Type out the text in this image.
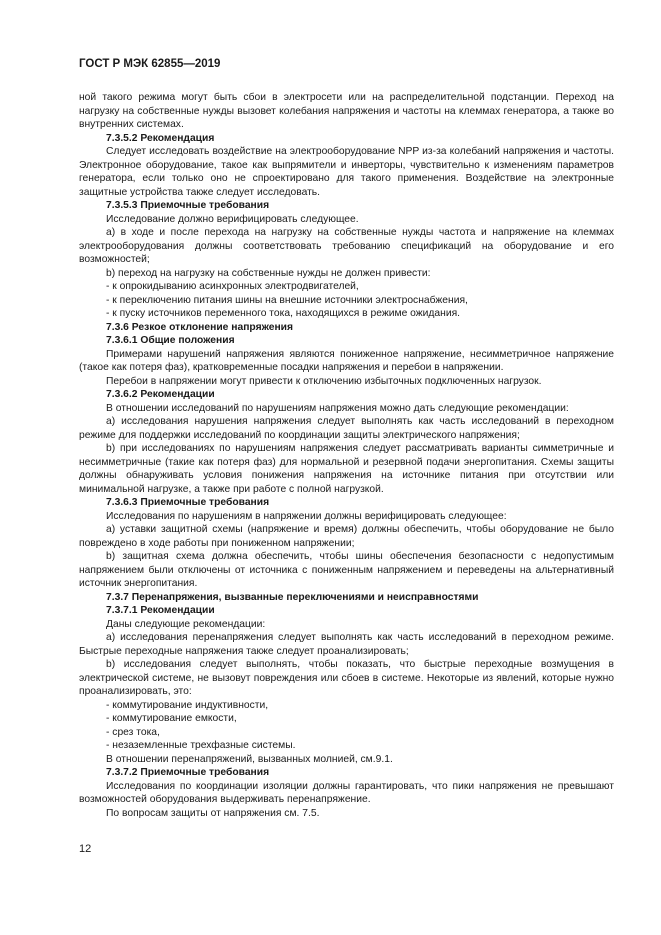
ГОСТ Р МЭК 62855—2019

ной такого режима могут быть сбои в электросети или на распределительной подстанции. Переход на нагрузку на собственные нужды вызовет колебания напряжения и частоты на клеммах генератора, а также во внутренних системах.

7.3.5.2 Рекомендация

Следует исследовать воздействие на электрооборудование NPP из-за колебаний напряжения и частоты. Электронное оборудование, такое как выпрямители и инверторы, чувствительно к изменениям параметров генератора, если только оно не спроектировано для такого применения. Воздействие на электронные защитные устройства также следует исследовать.

7.3.5.3 Приемочные требования

Исследование должно верифицировать следующее.

a) в ходе и после перехода на нагрузку на собственные нужды частота и напряжение на клеммах электрооборудования должны соответствовать требованию спецификаций на оборудование и его возможностей;

b) переход на нагрузку на собственные нужды не должен привести:

- к опрокидыванию асинхронных электродвигателей,

- к переключению питания шины на внешние источники электроснабжения,

- к пуску источников переменного тока, находящихся в режиме ожидания.

7.3.6 Резкое отклонение напряжения

7.3.6.1 Общие положения

Примерами нарушений напряжения являются пониженное напряжение, несимметричное напряжение (такое как потеря фаз), кратковременные посадки напряжения и перебои в напряжении.

Перебои в напряжении могут привести к отключению избыточных подключенных нагрузок.

7.3.6.2 Рекомендации

В отношении исследований по нарушениям напряжения можно дать следующие рекомендации:

a) исследования нарушения напряжения следует выполнять как часть исследований в переходном режиме для поддержки исследований по координации защиты электрического напряжения;

b) при исследованиях по нарушениям напряжения следует рассматривать варианты симметричные и несимметричные (такие как потеря фаз) для нормальной и резервной подачи энергопитания. Схемы защиты должны обнаруживать условия понижения напряжения на источнике питания при отсутствии или минимальной нагрузке, а также при работе с полной нагрузкой.

7.3.6.3 Приемочные требования

Исследования по нарушениям в напряжении должны верифицировать следующее:

a) уставки защитной схемы (напряжение и время) должны обеспечить, чтобы оборудование не было повреждено в ходе работы при пониженном напряжении;

b) защитная схема должна обеспечить, чтобы шины обеспечения безопасности с недопустимым напряжением были отключены от источника с пониженным напряжением и переведены на альтернативный источник энергопитания.

7.3.7 Перенапряжения, вызванные переключениями и неисправностями

7.3.7.1 Рекомендации

Даны следующие рекомендации:

a) исследования перенапряжения следует выполнять как часть исследований в переходном режиме. Быстрые переходные напряжения также следует проанализировать;

b) исследования следует выполнять, чтобы показать, что быстрые переходные возмущения в электрической системе, не вызовут повреждения или сбоев в системе. Некоторые из явлений, которые нужно проанализировать, это:

- коммутирование индуктивности,

- коммутирование емкости,

- срез тока,

- незаземленные трехфазные системы.

В отношении перенапряжений, вызванных молнией, см.9.1.

7.3.7.2 Приемочные требования

Исследования по координации изоляции должны гарантировать, что пики напряжения не превышают возможностей оборудования выдерживать перенапряжение.

По вопросам защиты от напряжения см. 7.5.

12
